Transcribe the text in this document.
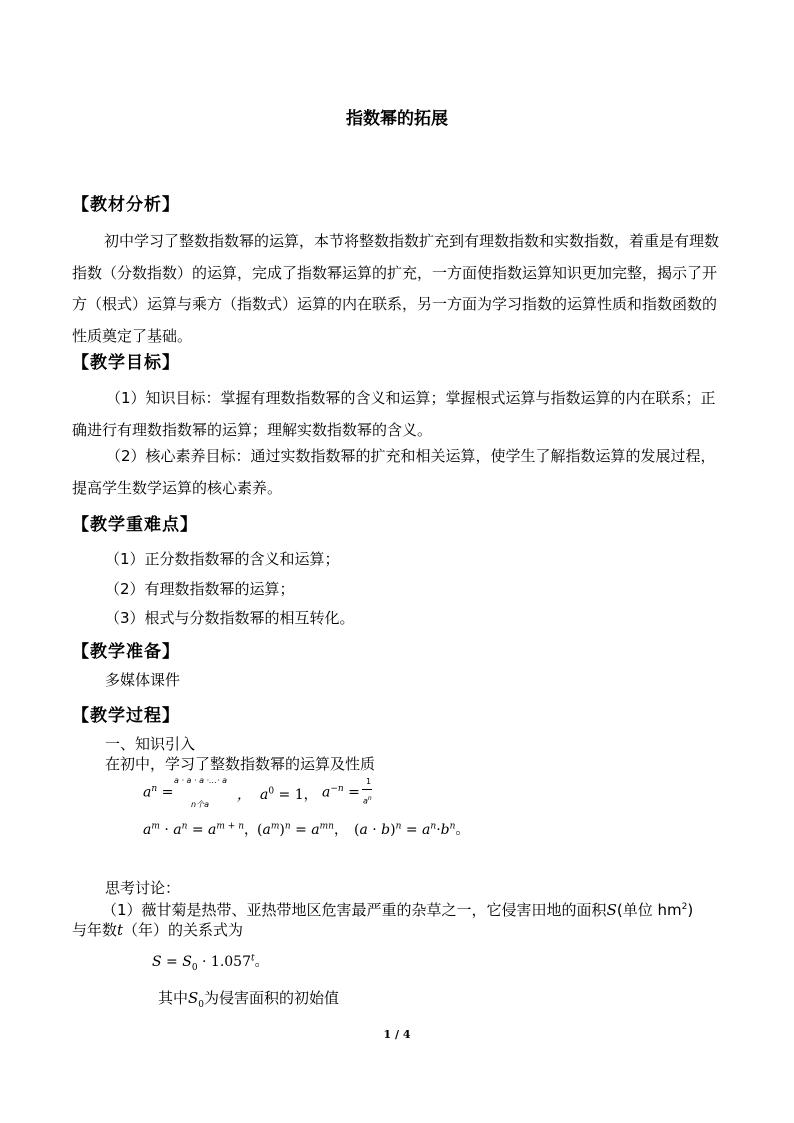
指数幂的拓展
【教材分析】
初中学习了整数指数幂的运算，本节将整数指数扩充到有理数指数和实数指数，着重是有理数指数（分数指数）的运算，完成了指数幂运算的扩充，一方面使指数运算知识更加完整，揭示了开方（根式）运算与乘方（指数式）运算的内在联系，另一方面为学习指数的运算性质和指数函数的性质奠定了基础。
【教学目标】
（1）知识目标：掌握有理数指数幂的含义和运算；掌握根式运算与指数运算的内在联系；正确进行有理数指数幂的运算；理解实数指数幂的含义。
（2）核心素养目标：通过实数指数幂的扩充和相关运算，使学生了解指数运算的发展过程，提高学生数学运算的核心素养。
【教学重难点】
（1）正分数指数幂的含义和运算；
（2）有理数指数幂的运算；
（3）根式与分数指数幂的相互转化。
【教学准备】
多媒体课件
【教学过程】
一、知识引入
在初中，学习了整数指数幂的运算及性质
$a^n$ =
a · a · a ·…· a
n个a
， $a^0 = 1$， $a^{-n}$ =
1
$a^n$
$a^m \cdot a^n = a^{m + n}$， $(a^m)^n = a^{mn}$， $(a \cdot b)^n = a^n\cdot b^n$。
思考讨论：
（1）薇甘菊是热带、亚热带地区危害最严重的杂草之一，它侵害田地的面积S(单位 $hm^2$)
与年数t（年）的关系式为
$S = S_0 \cdot 1.057^t$。
其中$S_0$为侵害面积的初始值
1 / 4
